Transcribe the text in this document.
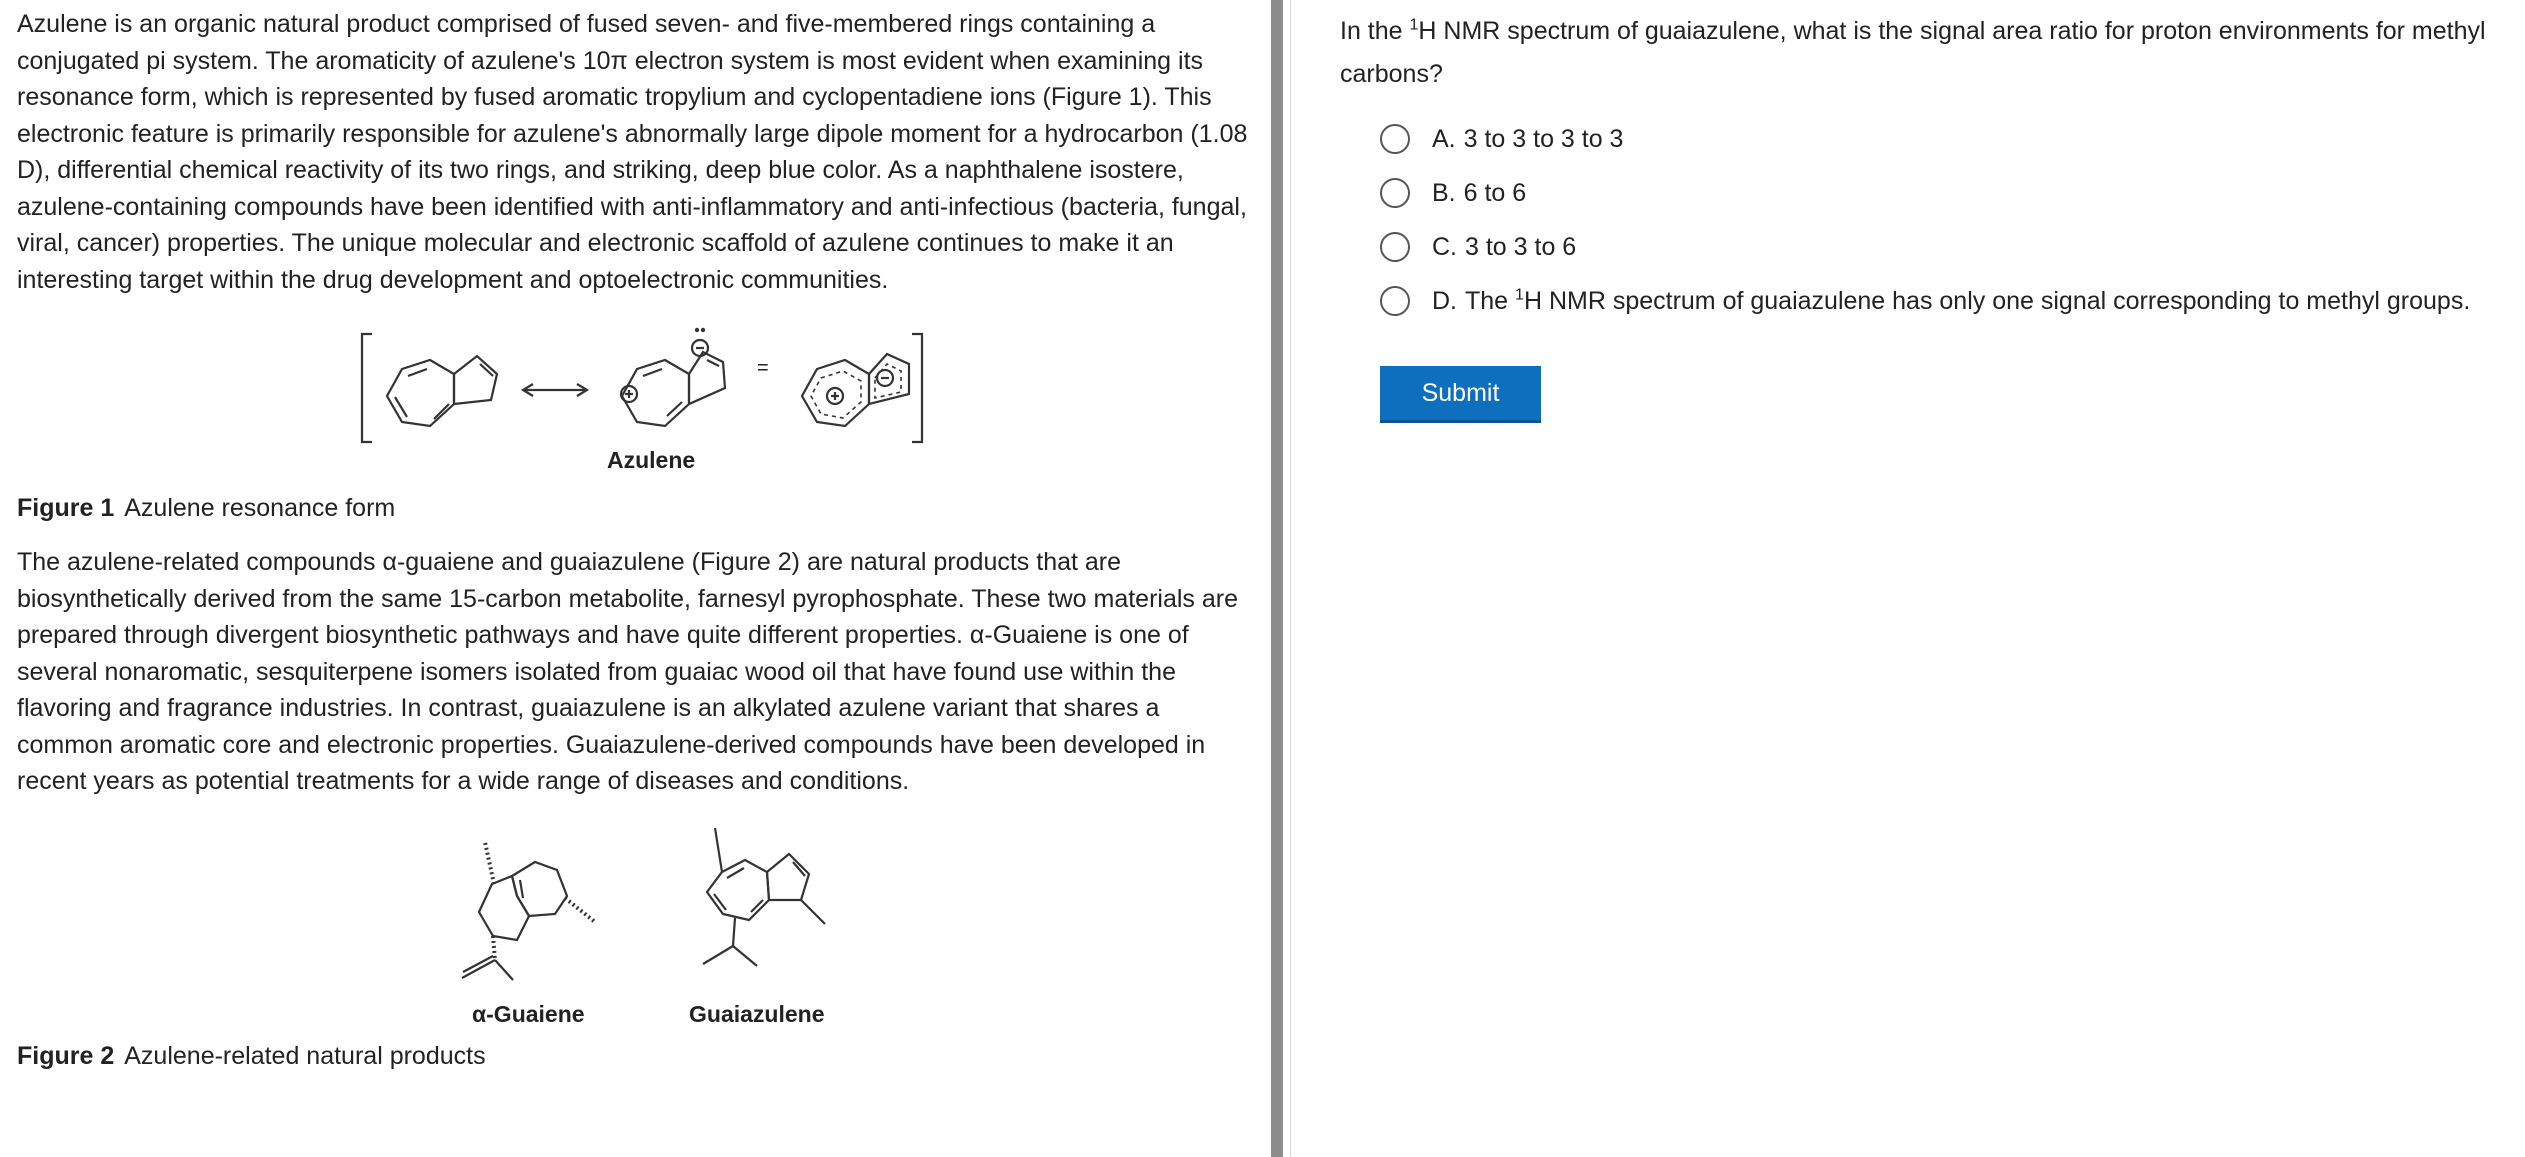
Azulene is an organic natural product comprised of fused seven- and five-membered rings containing a conjugated pi system. The aromaticity of azulene's 10π electron system is most evident when examining its resonance form, which is represented by fused aromatic tropylium and cyclopentadiene ions (Figure 1). This electronic feature is primarily responsible for azulene's abnormally large dipole moment for a hydrocarbon (1.08 D), differential chemical reactivity of its two rings, and striking, deep blue color. As a naphthalene isostere, azulene-containing compounds have been identified with anti-inflammatory and anti-infectious (bacteria, fungal, viral, cancer) properties. The unique molecular and electronic scaffold of azulene continues to make it an interesting target within the drug development and optoelectronic communities.

=
Azulene
Figure 1 Azulene resonance form

The azulene-related compounds α-guaiene and guaiazulene (Figure 2) are natural products that are biosynthetically derived from the same 15-carbon metabolite, farnesyl pyrophosphate. These two materials are prepared through divergent biosynthetic pathways and have quite different properties. α-Guaiene is one of several nonaromatic, sesquiterpene isomers isolated from guaiac wood oil that have found use within the flavoring and fragrance industries. In contrast, guaiazulene is an alkylated azulene variant that shares a common aromatic core and electronic properties. Guaiazulene-derived compounds have been developed in recent years as potential treatments for a wide range of diseases and conditions.

α-Guaiene	Guaiazulene
Figure 2 Azulene-related natural products
In the $^1$H NMR spectrum of guaiazulene, what is the signal area ratio for proton environments for methyl carbons?
A. 3 to 3 to 3 to 3
B. 6 to 6
C. 3 to 3 to 6
D. The $^1$H NMR spectrum of guaiazulene has only one signal corresponding to methyl groups.
Submit
